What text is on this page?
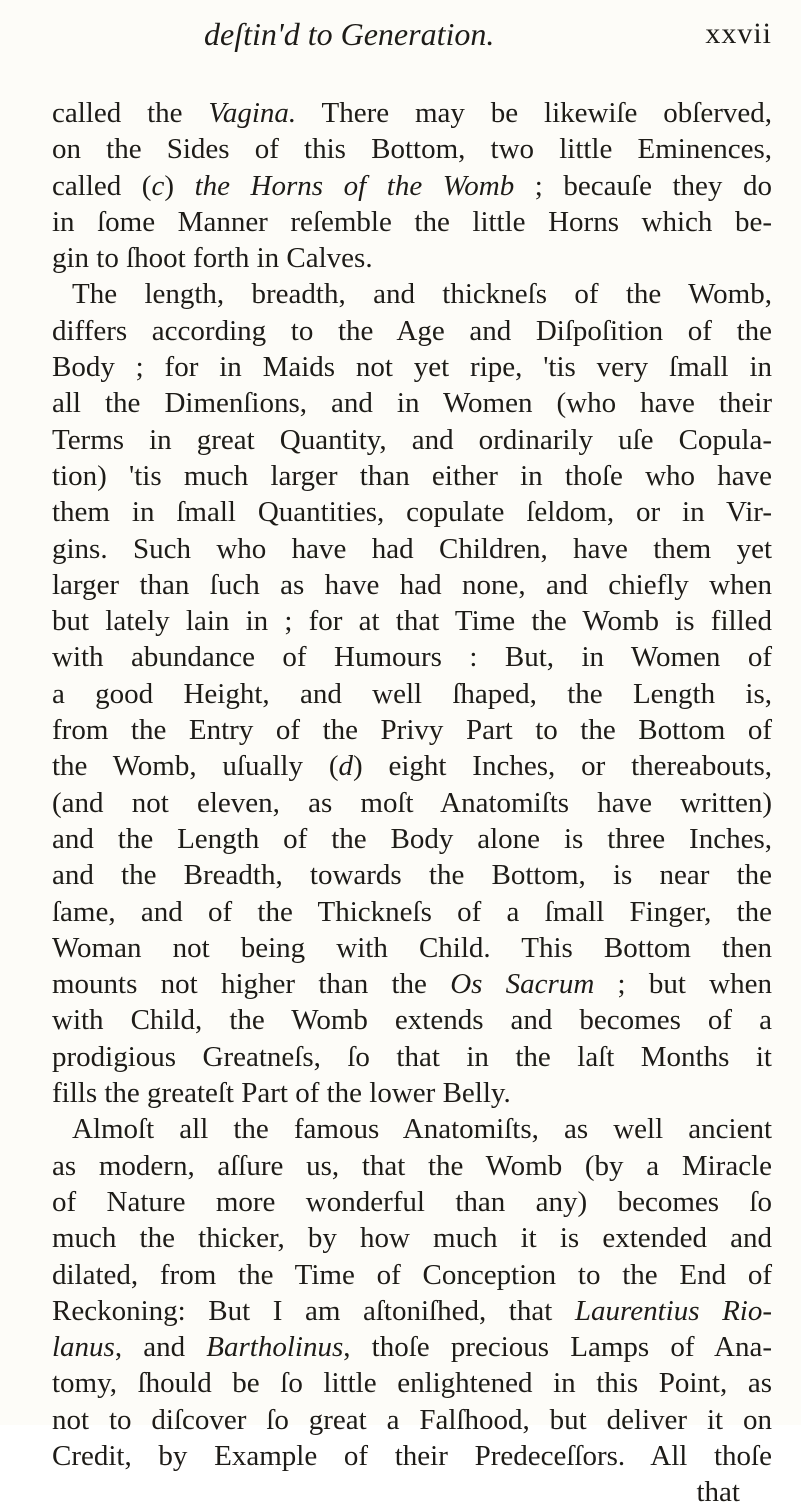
deſtin'd to Generation.	xxvii
called the Vagina. There may be likewiſe obſerved,
on the Sides of this Bottom, two little Eminences,
called (c) the Horns of the Womb ; becauſe they do
in ſome Manner reſemble the little Horns which be-
gin to ſhoot forth in Calves.
The length, breadth, and thickneſs of the Womb,
differs according to the Age and Diſpoſition of the
Body ; for in Maids not yet ripe, 'tis very ſmall in
all the Dimenſions, and in Women (who have their
Terms in great Quantity, and ordinarily uſe Copula-
tion) 'tis much larger than either in thoſe who have
them in ſmall Quantities, copulate ſeldom, or in Vir-
gins. Such who have had Children, have them yet
larger than ſuch as have had none, and chiefly when
but lately lain in ; for at that Time the Womb is filled
with abundance of Humours : But, in Women of
a good Height, and well ſhaped, the Length is,
from the Entry of the Privy Part to the Bottom of
the Womb, uſually (d) eight Inches, or thereabouts,
(and not eleven, as moſt Anatomiſts have written)
and the Length of the Body alone is three Inches,
and the Breadth, towards the Bottom, is near the
ſame, and of the Thickneſs of a ſmall Finger, the
Woman not being with Child. This Bottom then
mounts not higher than the Os Sacrum ; but when
with Child, the Womb extends and becomes of a
prodigious Greatneſs, ſo that in the laſt Months it
fills the greateſt Part of the lower Belly.
Almoſt all the famous Anatomiſts, as well ancient
as modern, aſſure us, that the Womb (by a Miracle
of Nature more wonderful than any) becomes ſo
much the thicker, by how much it is extended and
dilated, from the Time of Conception to the End of
Reckoning: But I am aſtoniſhed, that Laurentius Rio-
lanus, and Bartholinus, thoſe precious Lamps of Ana-
tomy, ſhould be ſo little enlightened in this Point, as
not to diſcover ſo great a Falſhood, but deliver it on
Credit, by Example of their Predeceſſors. All thoſe
that
